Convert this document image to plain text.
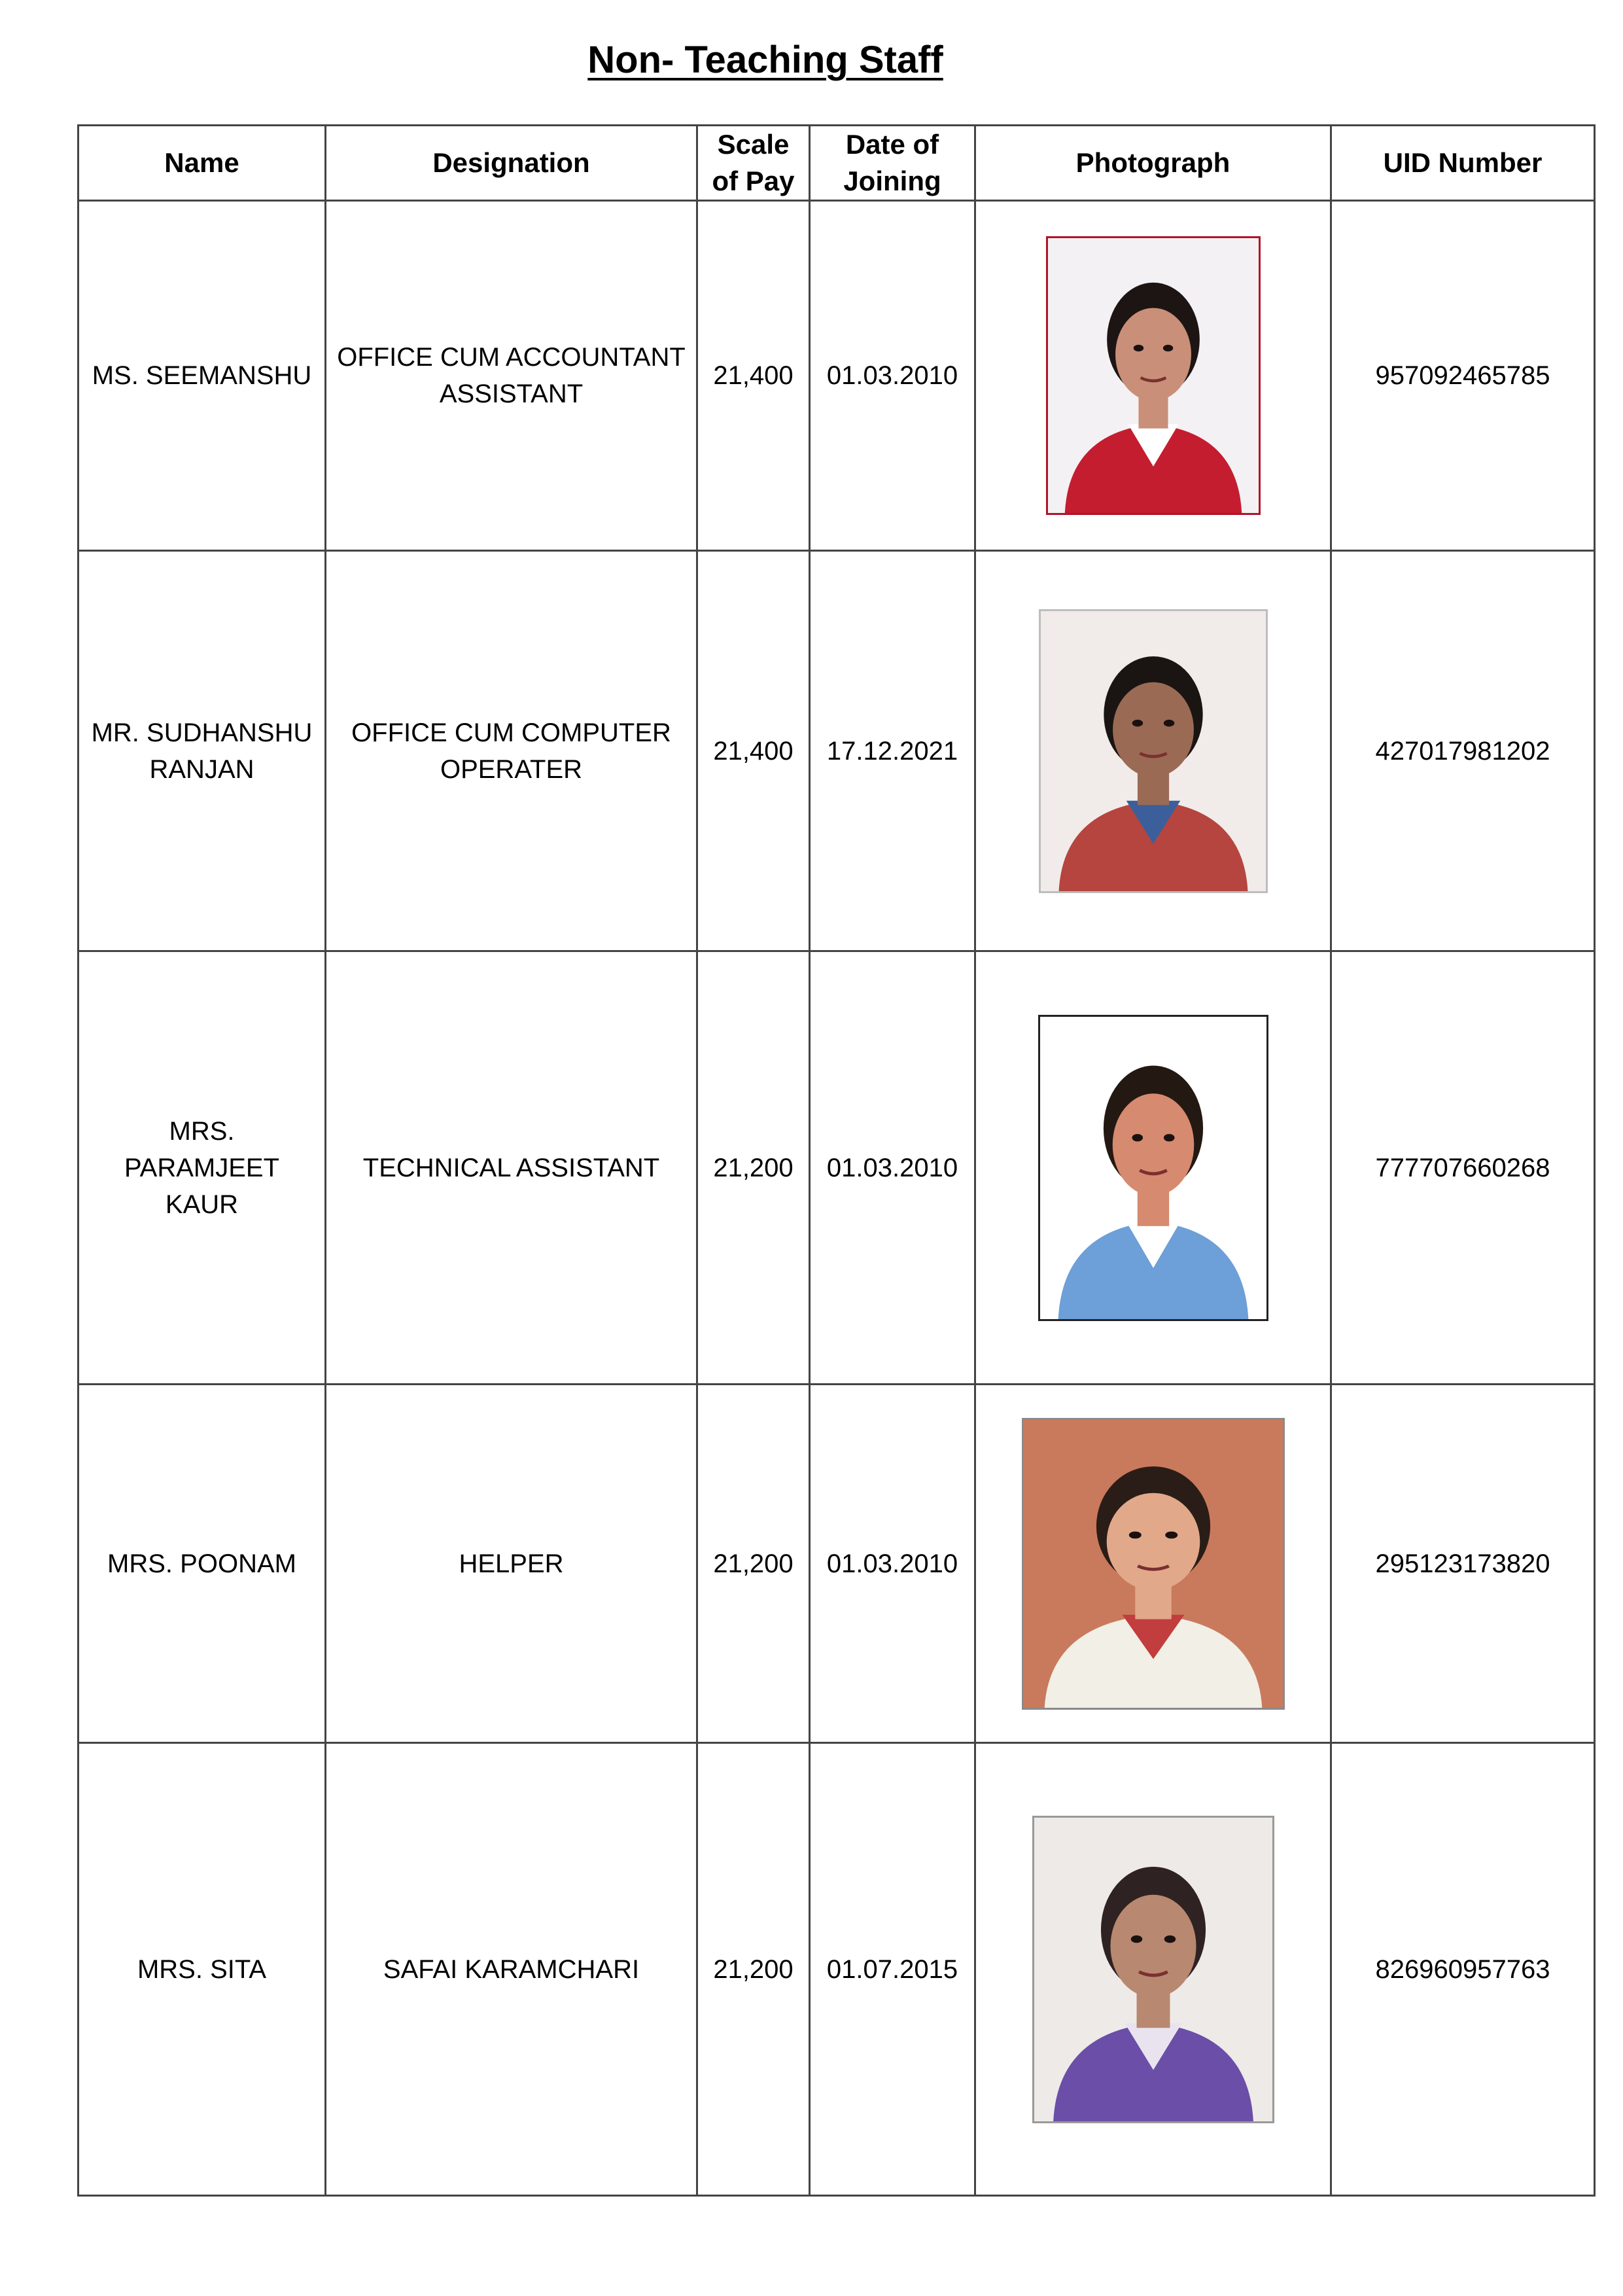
Non- Teaching Staff
Name	Designation	Scale of Pay	Date of Joining	Photograph	UID Number
MS. SEEMANSHU	OFFICE CUM ACCOUNTANT ASSISTANT	21,400	01.03.2010		957092465785
MR. SUDHANSHU RANJAN	OFFICE CUM COMPUTER OPERATER	21,400	17.12.2021		427017981202
MRS. PARAMJEET KAUR	TECHNICAL ASSISTANT	21,200	01.03.2010		777707660268
MRS. POONAM	HELPER	21,200	01.03.2010		295123173820
MRS. SITA	SAFAI KARAMCHARI	21,200	01.07.2015		826960957763
